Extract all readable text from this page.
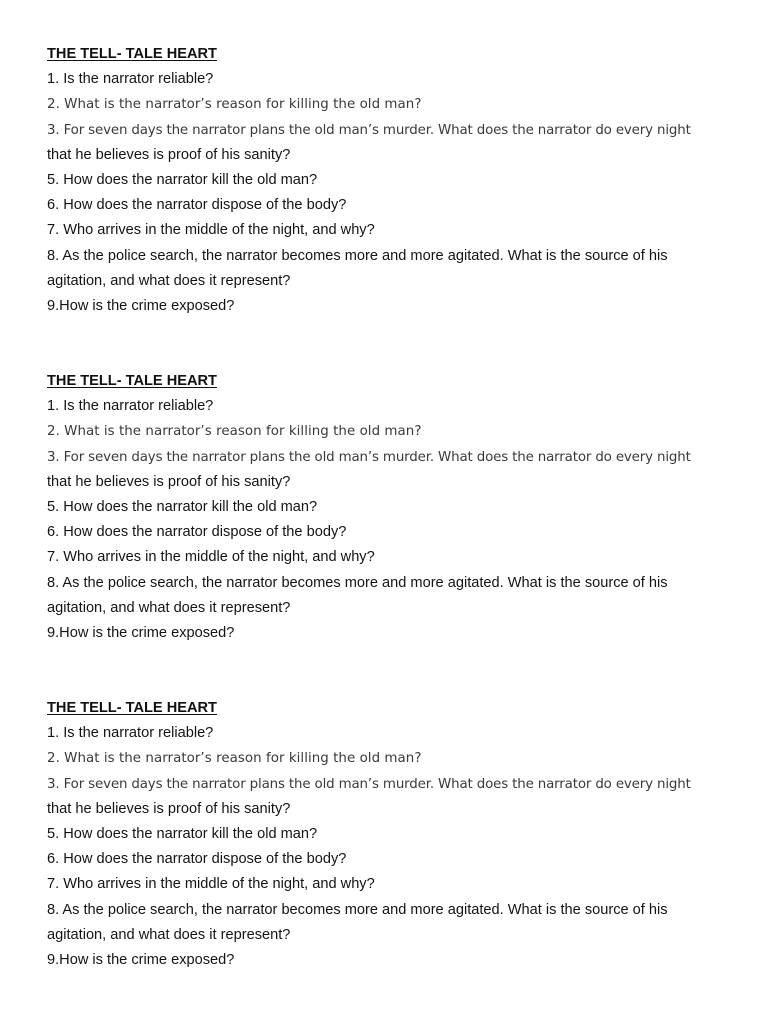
THE TELL- TALE HEART
1. Is the narrator reliable?
2. What is the narrator’s reason for killing the old man?
3. For seven days the narrator plans the old man’s murder. What does the narrator do every night
that he believes is proof of his sanity?
5. How does the narrator kill the old man?
6. How does the narrator dispose of the body?
7. Who arrives in the middle of the night, and why?
8. As the police search, the narrator becomes more and more agitated. What is the source of his
agitation, and what does it represent?
9.How is the crime exposed?
THE TELL- TALE HEART
1. Is the narrator reliable?
2. What is the narrator’s reason for killing the old man?
3. For seven days the narrator plans the old man’s murder. What does the narrator do every night
that he believes is proof of his sanity?
5. How does the narrator kill the old man?
6. How does the narrator dispose of the body?
7. Who arrives in the middle of the night, and why?
8. As the police search, the narrator becomes more and more agitated. What is the source of his
agitation, and what does it represent?
9.How is the crime exposed?
THE TELL- TALE HEART
1. Is the narrator reliable?
2. What is the narrator’s reason for killing the old man?
3. For seven days the narrator plans the old man’s murder. What does the narrator do every night
that he believes is proof of his sanity?
5. How does the narrator kill the old man?
6. How does the narrator dispose of the body?
7. Who arrives in the middle of the night, and why?
8. As the police search, the narrator becomes more and more agitated. What is the source of his
agitation, and what does it represent?
9.How is the crime exposed?
